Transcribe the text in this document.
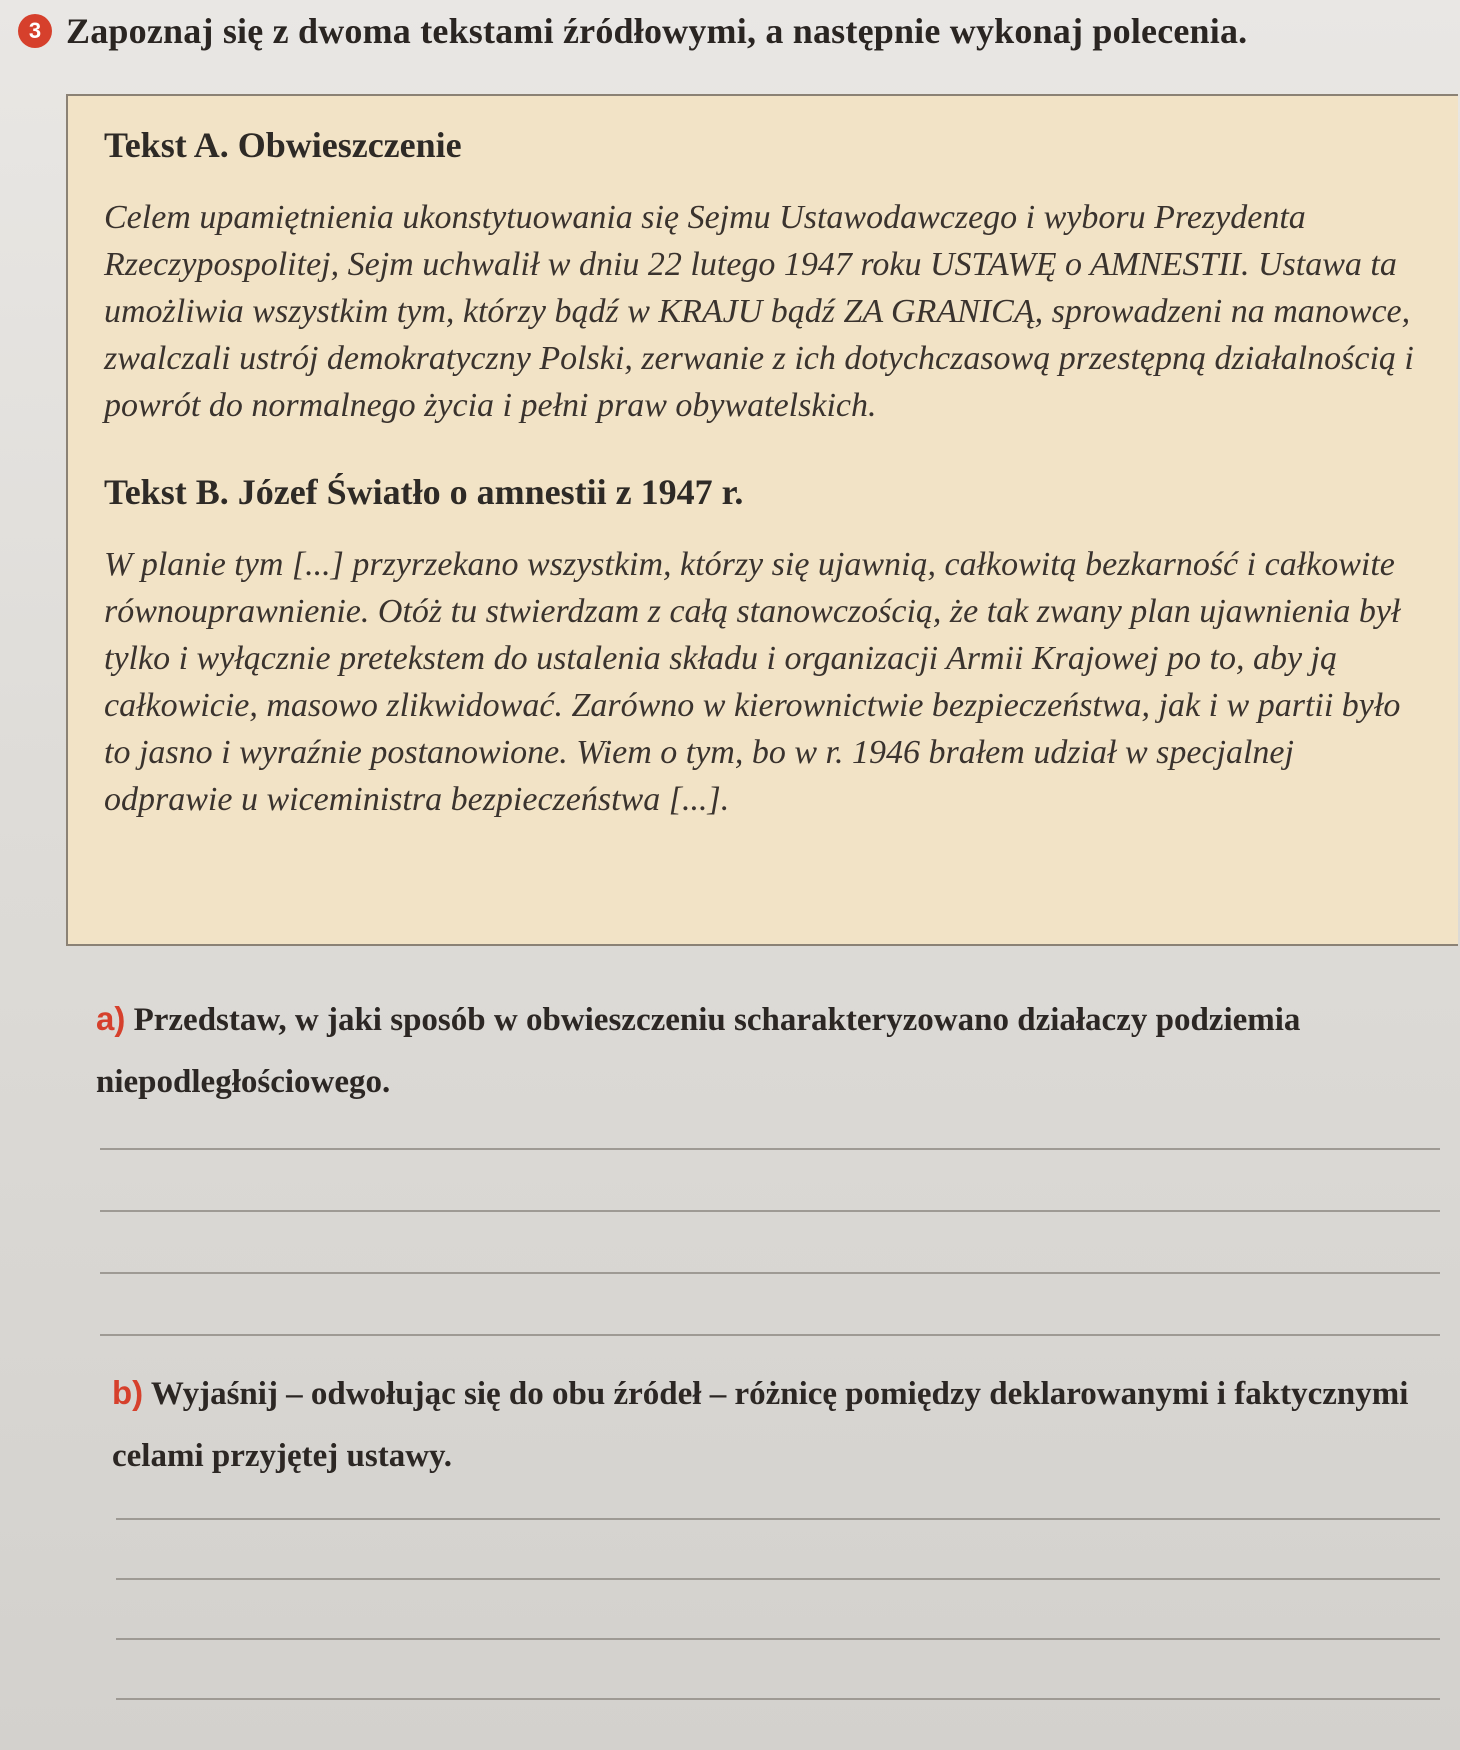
3 Zapoznaj się z dwoma tekstami źródłowymi, a następnie wykonaj polecenia.
Tekst A. Obwieszczenie

Celem upamiętnienia ukonstytuowania się Sejmu Ustawodawczego i wyboru Prezydenta Rzeczypospolitej, Sejm uchwalił w dniu 22 lutego 1947 roku USTAWĘ o AMNESTII. Ustawa ta umożliwia wszystkim tym, którzy bądź w KRAJU bądź ZA GRANICĄ, sprowadzeni na manowce, zwalczali ustrój demokratyczny Polski, zerwanie z ich dotychczasową przestępną działalnością i powrót do normalnego życia i pełni praw obywatelskich.

Tekst B. Józef Światło o amnestii z 1947 r.

W planie tym [...] przyrzekano wszystkim, którzy się ujawnią, całkowitą bezkarność i całkowite równouprawnienie. Otóż tu stwierdzam z całą stanowczością, że tak zwany plan ujawnienia był tylko i wyłącznie pretekstem do ustalenia składu i organizacji Armii Krajowej po to, aby ją całkowicie, masowo zlikwidować. Zarówno w kierownictwie bezpieczeństwa, jak i w partii było to jasno i wyraźnie postanowione. Wiem o tym, bo w r. 1946 brałem udział w specjalnej odprawie u wiceministra bezpieczeństwa [...].

a) Przedstaw, w jaki sposób w obwieszczeniu scharakteryzowano działaczy podziemia niepodległościowego.
b) Wyjaśnij – odwołując się do obu źródeł – różnicę pomiędzy deklarowanymi i faktycznymi celami przyjętej ustawy.
